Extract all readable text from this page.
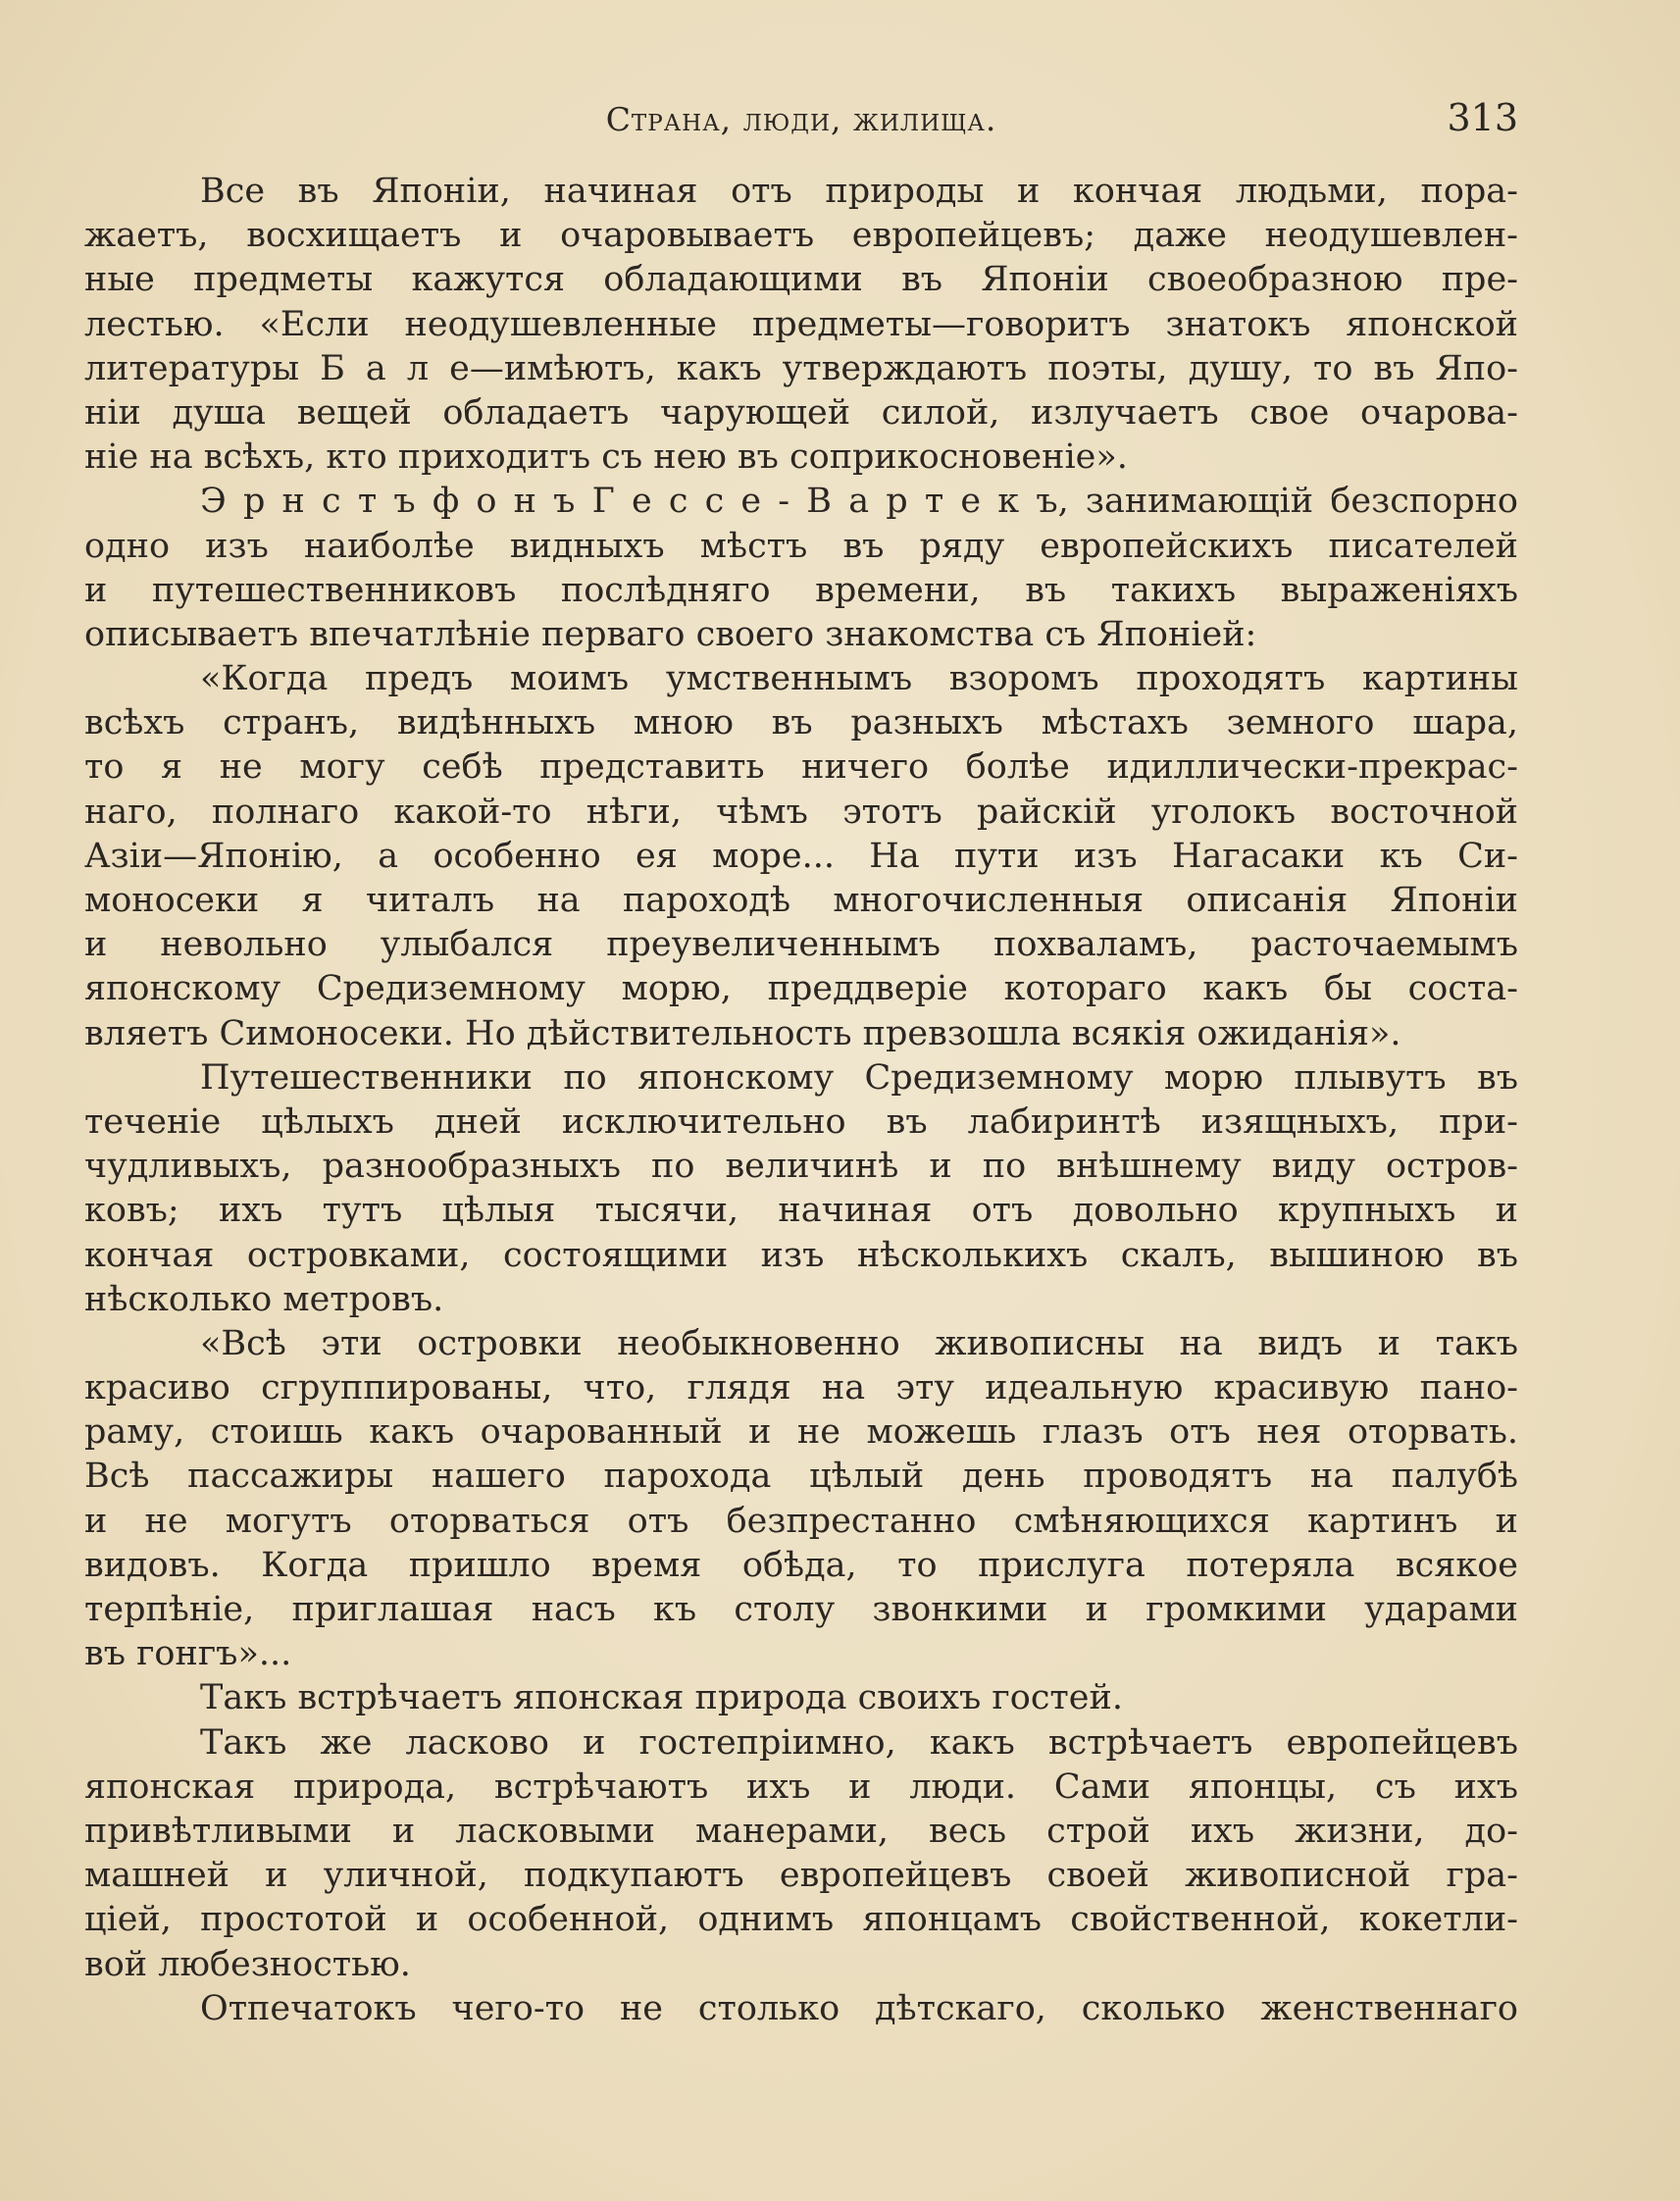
Страна, люди, жилища.	313
Все въ Японiи, начиная отъ природы и кончая людьми, пора-
жаетъ, восхищаетъ и очаровываетъ европейцевъ; даже неодушевлен-
ные предметы кажутся обладающими въ Японiи своеобразною пре-
лестью. «Если неодушевленные предметы—говоритъ знатокъ японской
литературы Б а л е—имѣютъ, какъ утверждаютъ поэты, душу, то въ Япо-
нiи душа вещей обладаетъ чарующей силой, излучаетъ свое очарова-
нiе на всѣхъ, кто приходитъ съ нею въ соприкосновенiе».
Э р н с т ъ ф о н ъ Г е с с е - В а р т е к ъ, занимающiй безспорно
одно изъ наиболѣе видныхъ мѣстъ въ ряду европейскихъ писателей
и путешественниковъ послѣдняго времени, въ такихъ выраженiяхъ
описываетъ впечатлѣнiе перваго своего знакомства съ Японiей:
«Когда предъ моимъ умственнымъ взоромъ проходятъ картины
всѣхъ странъ, видѣнныхъ мною въ разныхъ мѣстахъ земного шара,
то я не могу себѣ представить ничего болѣе идиллически-прекрас-
наго, полнаго какой-то нѣги, чѣмъ этотъ райскiй уголокъ восточной
Азiи—Японiю, а особенно ея море... На пути изъ Нагасаки къ Си-
моносеки я читалъ на пароходѣ многочисленныя описанiя Японiи
и невольно улыбался преувеличеннымъ похваламъ, расточаемымъ
японскому Средиземному морю, преддверiе котораго какъ бы соста-
вляетъ Симоносеки. Но дѣйствительность превзошла всякiя ожиданiя».
Путешественники по японскому Средиземному морю плывутъ въ
теченiе цѣлыхъ дней исключительно въ лабиринтѣ изящныхъ, при-
чудливыхъ, разнообразныхъ по величинѣ и по внѣшнему виду остров-
ковъ; ихъ тутъ цѣлыя тысячи, начиная отъ довольно крупныхъ и
кончая островками, состоящими изъ нѣсколькихъ скалъ, вышиною въ
нѣсколько метровъ.
«Всѣ эти островки необыкновенно живописны на видъ и такъ
красиво сгруппированы, что, глядя на эту идеальную красивую пано-
раму, стоишь какъ очарованный и не можешь глазъ отъ нея оторвать.
Всѣ пассажиры нашего парохода цѣлый день проводятъ на палубѣ
и не могутъ оторваться отъ безпрестанно смѣняющихся картинъ и
видовъ. Когда пришло время обѣда, то прислуга потеряла всякое
терпѣнiе, приглашая насъ къ столу звонкими и громкими ударами
въ гонгъ»...
Такъ встрѣчаетъ японская природа своихъ гостей.
Такъ же ласково и гостепрiимно, какъ встрѣчаетъ европейцевъ
японская природа, встрѣчаютъ ихъ и люди. Сами японцы, съ ихъ
привѣтливыми и ласковыми манерами, весь строй ихъ жизни, до-
машней и уличной, подкупаютъ европейцевъ своей живописной гра-
цiей, простотой и особенной, однимъ японцамъ свойственной, кокетли-
вой любезностью.
Отпечатокъ чего-то не столько дѣтскаго, сколько женственнаго
